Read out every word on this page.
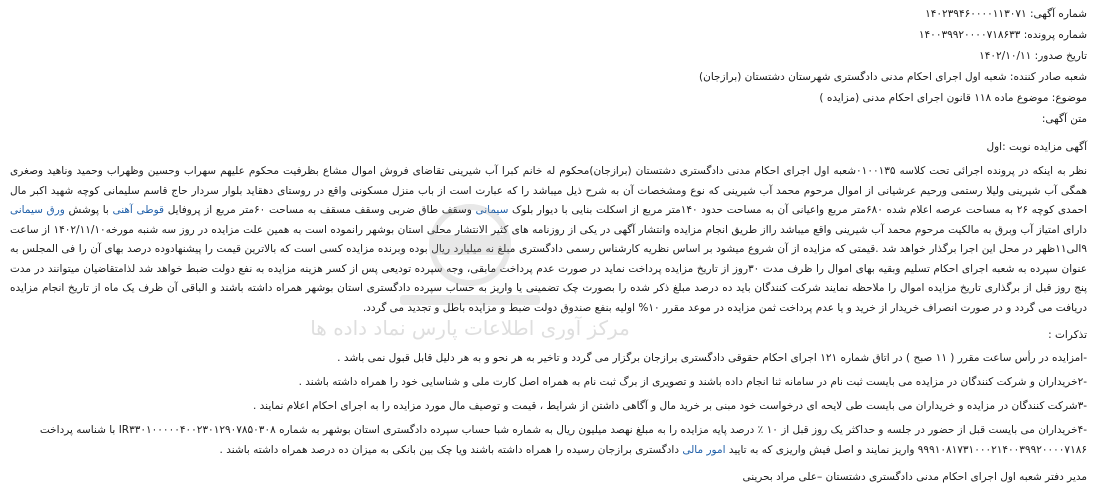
شماره آگهی: ۱۴۰۲۳۹۴۶۰۰۰۰۱۱۳۰۷۱
شماره پرونده: ۱۴۰۰۳۹۹۲۰۰۰۰۷۱۸۶۳۳
تاریخ صدور: ۱۴۰۲/۱۰/۱۱
شعبه صادر کننده: شعبه اول اجرای احکام مدنی دادگستری شهرستان دشتستان (برازجان)
موضوع: موضوع ماده ۱۱۸ قانون اجرای احکام مدنی (مزایده )
متن آگهی:
آگهی مزایده نوبت :اول
نظر به اینکه در پرونده اجرائی تحت کلاسه ۰۱۰۰۱۳۵شعبه اول اجرای احکام مدنی دادگستری دشتستان (برازجان)محکوم له خانم کبرا آب شیرینی تقاضای فروش اموال مشاع بظرفیت محکوم علیهم سهراب وحسین وظهراب وحمید وناهید وصغری همگی آب شیرینی ولیلا رستمی ورحیم عرشیانی از اموال مرحوم محمد آب شیرینی که نوع ومشخصات آن به شرح ذیل میباشد را که عبارت است از باب منزل مسکونی واقع در روستای دهقاید بلوار سردار حاج قاسم سلیمانی کوچه شهید اکبر مال احمدی کوچه ۲۶ به مساحت عرصه اعلام شده ۶۸۰متر مربع واعیانی آن به مساحت حدود ۱۴۰متر مربع از اسکلت بنایی با دیوار بلوک سیمانی وسقف طاق ضربی وسقف مسقف به مساحت ۶۰متر مربع از پروفایل قوطی آهنی با پوشش ورق سیمانی دارای امتیاز آب وبرق به مالکیت مرحوم محمد آب شیرینی واقع میباشد رااز طریق انجام مزایده وانتشار آگهی در یکی از روزنامه های کثیر الانتشار محلی استان بوشهر رانموده است به همین علت مزایده در روز سه شنبه مورخه۱۴۰۲/۱۱/۱۰ از ساعت ۹الی۱۱ظهر در محل این اجرا برگذار خواهد شد .قیمتی که مزایده از آن شروع میشود بر اساس نظریه کارشناس رسمی دادگستری مبلغ نه میلیارد ریال بوده وبرنده مزایده کسی است که بالاترین قیمت را پیشنهادوده درصد بهای آن را فی المجلس به عنوان سپرده به شعبه اجرای احکام تسلیم وبقیه بهای اموال را ظرف مدت ۳۰روز از تاریخ مزایده پرداخت نماید در صورت عدم پرداخت مابقی، وجه سپرده تودیعی پس از کسر هزینه مزایده به نفع دولت ضبط خواهد شد لذامتقاضیان میتوانند در مدت پنج روز قبل از برگذاری تاریخ مزایده اموال را ملاحظه نمایند شرکت کنندگان باید ده درصد مبلغ ذکر شده را بصورت چک تضمینی یا واریز به حساب سپرده دادگستری استان بوشهر همراه داشته باشند و الباقی آن ظرف یک ماه از تاریخ انجام مزایده دریافت می گردد و در صورت انصراف خریدار از خرید و یا عدم پرداخت ثمن مزایده در موعد مقرر ۱۰% اولیه بنفع صندوق دولت ضبط و مزایده باطل و تجدید می گردد.
تذکرات :
-امزایده در رأس ساعت مقرر ( ۱۱ صبح ) در اتاق شماره ۱۲۱ اجرای احکام حقوقی دادگستری برازجان برگزار می گردد و تاخیر به هر نحو و به هر دلیل قابل قبول نمی باشد .
-۲خریداران و شرکت کنندگان در مزایده می بایست ثبت نام در سامانه ثنا انجام داده باشند و تصویری از برگ ثبت نام به همراه اصل کارت ملی و شناسایی خود را همراه داشته باشند .
-۳شرکت کنندگان در مزایده و خریداران می بایست طی لایحه ای درخواست خود مبنی بر خرید مال و آگاهی داشتن از شرایط ، قیمت و توصیف مال مورد مزایده را به اجرای احکام اعلام نمایند .
-۴خریداران می بایست قبل از حضور در جلسه و حداکثر یک روز قبل از ۱۰ ٪ درصد پایه مزایده را به مبلغ نهصد میلیون ریال به شماره شبا حساب سپرده دادگستری استان بوشهر به شماره IR۳۳۰۱۰۰۰۰۰۴۰۰۲۳۰۱۲۹۰۷۸۵۰۳۰۸ با شناسه پرداخت ۹۹۹۱۰۸۱۷۳۱۰۰۰۲۱۴۰۰۳۹۹۲۰۰۰۰۷۱۸۶ واریز نمایند و اصل فیش واریزی که به تایید امور مالی دادگستری برازجان رسیده را همراه داشته باشند ویا چک بین بانکی به میزان ده درصد همراه داشته باشند .
مدیر دفتر شعبه اول اجرای احکام مدنی دادگستری دشتستان –علی مراد بحرینی
مرکز آوری اطلاعات پارس نماد داده ها
